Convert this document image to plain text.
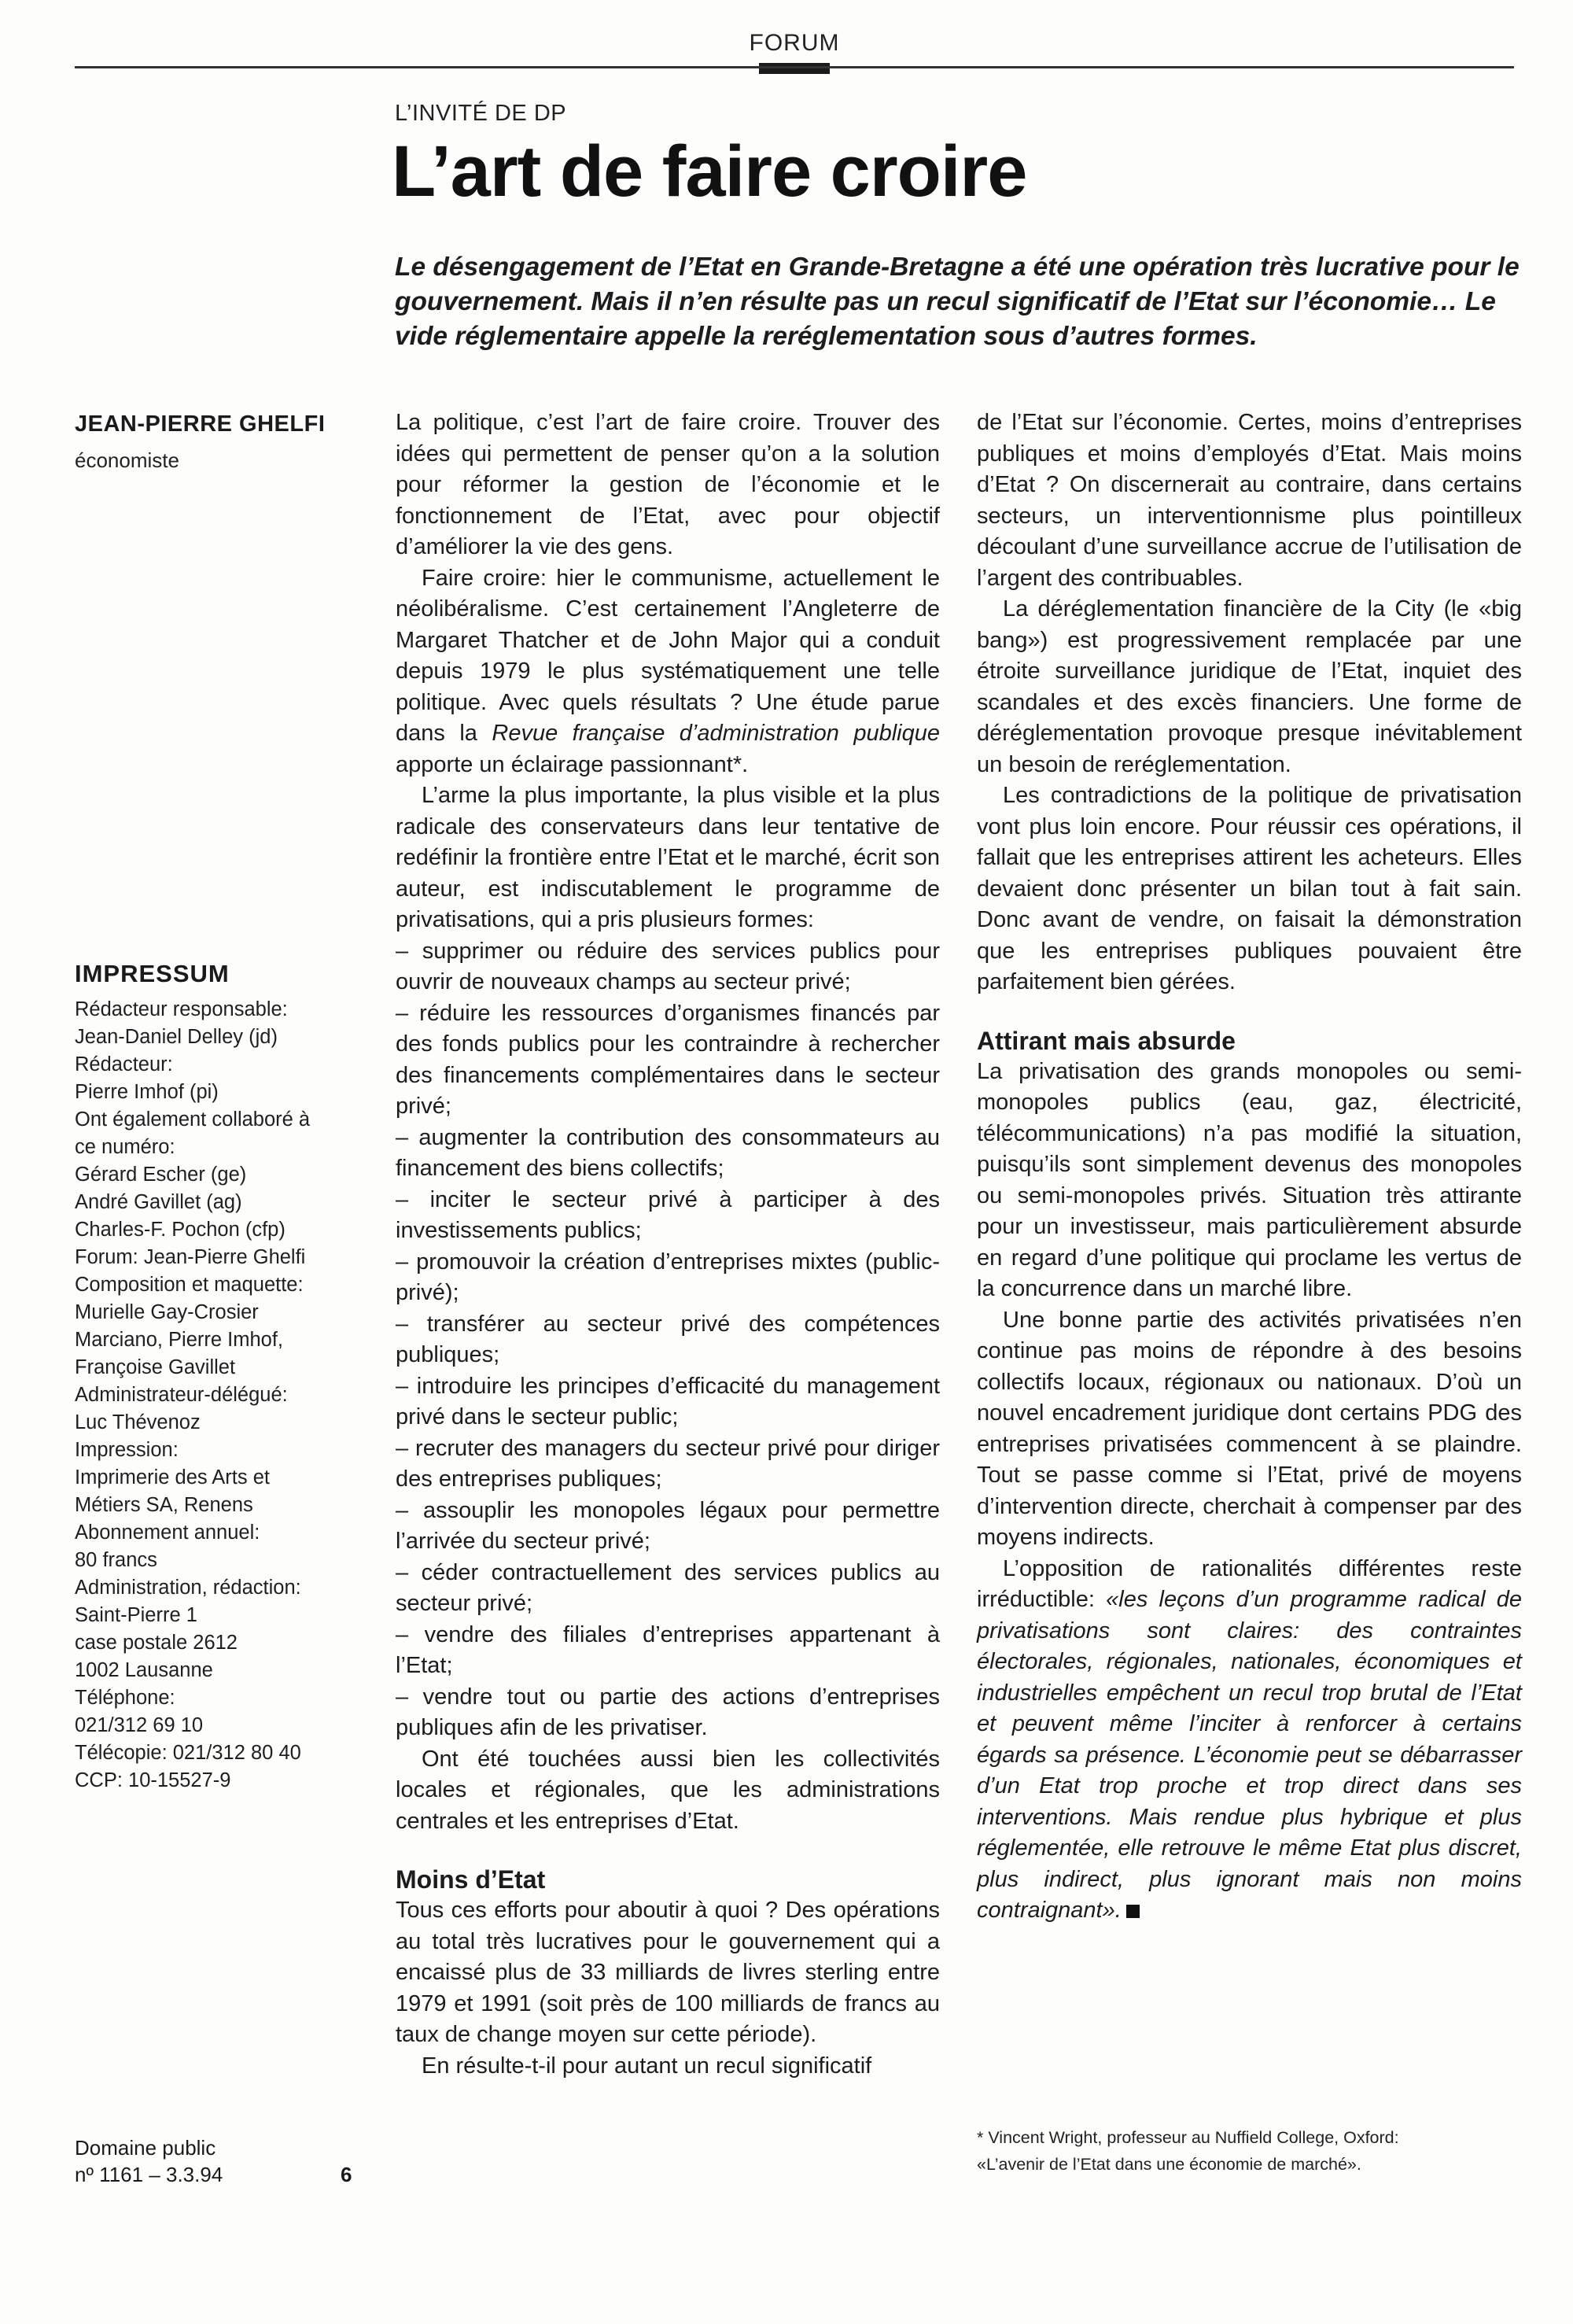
FORUM
L’INVITÉ DE DP
L’art de faire croire
Le désengagement de l’Etat en Grande-Bretagne a été une opération très lucrative pour le gouvernement. Mais il n’en résulte pas un recul significatif de l’Etat sur l’économie… Le vide réglementaire appelle la reréglementation sous d’autres formes.
JEAN-PIERRE GHELFI
économiste
IMPRESSUM
Rédacteur responsable:
Jean-Daniel Delley (jd)
Rédacteur:
Pierre Imhof (pi)
Ont également collaboré à
ce numéro:
Gérard Escher (ge)
André Gavillet (ag)
Charles-F. Pochon (cfp)
Forum: Jean-Pierre Ghelfi
Composition et maquette:
Murielle Gay-Crosier
Marciano, Pierre Imhof,
Françoise Gavillet
Administrateur-délégué:
Luc Thévenoz
Impression:
Imprimerie des Arts et
Métiers SA, Renens
Abonnement annuel:
80 francs
Administration, rédaction:
Saint-Pierre 1
case postale 2612
1002 Lausanne
Téléphone:
021/312 69 10
Télécopie: 021/312 80 40
CCP: 10-15527-9
Domaine public
nº 1161 – 3.3.94	6

La politique, c’est l’art de faire croire. Trouver des idées qui permettent de penser qu’on a la solution pour réformer la gestion de l’économie et le fonctionnement de l’Etat, avec pour objectif d’améliorer la vie des gens.

Faire croire: hier le communisme, actuellement le néolibéralisme. C’est certainement l’Angleterre de Margaret Thatcher et de John Major qui a conduit depuis 1979 le plus systématiquement une telle politique. Avec quels résultats ? Une étude parue dans la Revue française d’administration publique apporte un éclairage passionnant*.

L’arme la plus importante, la plus visible et la plus radicale des conservateurs dans leur tentative de redéfinir la frontière entre l’Etat et le marché, écrit son auteur, est indiscutablement le programme de privatisations, qui a pris plusieurs formes:

– supprimer ou réduire des services publics pour ouvrir de nouveaux champs au secteur privé;
– réduire les ressources d’organismes financés par des fonds publics pour les contraindre à rechercher des financements complémentaires dans le secteur privé;
– augmenter la contribution des consommateurs au financement des biens collectifs;
– inciter le secteur privé à participer à des investissements publics;
– promouvoir la création d’entreprises mixtes (public-privé);
– transférer au secteur privé des compétences publiques;
– introduire les principes d’efficacité du management privé dans le secteur public;
– recruter des managers du secteur privé pour diriger des entreprises publiques;
– assouplir les monopoles légaux pour permettre l’arrivée du secteur privé;
– céder contractuellement des services publics au secteur privé;
– vendre des filiales d’entreprises appartenant à l’Etat;
– vendre tout ou partie des actions d’entreprises publiques afin de les privatiser.

Ont été touchées aussi bien les collectivités locales et régionales, que les administrations centrales et les entreprises d’Etat.

Moins d’Etat

Tous ces efforts pour aboutir à quoi ? Des opérations au total très lucratives pour le gouvernement qui a encaissé plus de 33 milliards de livres sterling entre 1979 et 1991 (soit près de 100 milliards de francs au taux de change moyen sur cette période).

En résulte-t-il pour autant un recul significatif

de l’Etat sur l’économie. Certes, moins d’entreprises publiques et moins d’employés d’Etat. Mais moins d’Etat ? On discernerait au contraire, dans certains secteurs, un interventionnisme plus pointilleux découlant d’une surveillance accrue de l’utilisation de l’argent des contribuables.

La déréglementation financière de la City (le «big bang») est progressivement remplacée par une étroite surveillance juridique de l’Etat, inquiet des scandales et des excès financiers. Une forme de déréglementation provoque presque inévitablement un besoin de reréglementation.

Les contradictions de la politique de privatisation vont plus loin encore. Pour réussir ces opérations, il fallait que les entreprises attirent les acheteurs. Elles devaient donc présenter un bilan tout à fait sain. Donc avant de vendre, on faisait la démonstration que les entreprises publiques pouvaient être parfaitement bien gérées.

Attirant mais absurde

La privatisation des grands monopoles ou semi-monopoles publics (eau, gaz, électricité, télécommunications) n’a pas modifié la situation, puisqu’ils sont simplement devenus des monopoles ou semi-monopoles privés. Situation très attirante pour un investisseur, mais particulièrement absurde en regard d’une politique qui proclame les vertus de la concurrence dans un marché libre.

Une bonne partie des activités privatisées n’en continue pas moins de répondre à des besoins collectifs locaux, régionaux ou nationaux. D’où un nouvel encadrement juridique dont certains PDG des entreprises privatisées commencent à se plaindre. Tout se passe comme si l’Etat, privé de moyens d’intervention directe, cherchait à compenser par des moyens indirects.

L’opposition de rationalités différentes reste irréductible: «les leçons d’un programme radical de privatisations sont claires: des contraintes électorales, régionales, nationales, économiques et industrielles empêchent un recul trop brutal de l’Etat et peuvent même l’inciter à renforcer à certains égards sa présence. L’économie peut se débarrasser d’un Etat trop proche et trop direct dans ses interventions. Mais rendue plus hybrique et plus réglementée, elle retrouve le même Etat plus discret, plus indirect, plus ignorant mais non moins contraignant».

* Vincent Wright, professeur au Nuffield College, Oxford:
«L’avenir de l’Etat dans une économie de marché».
